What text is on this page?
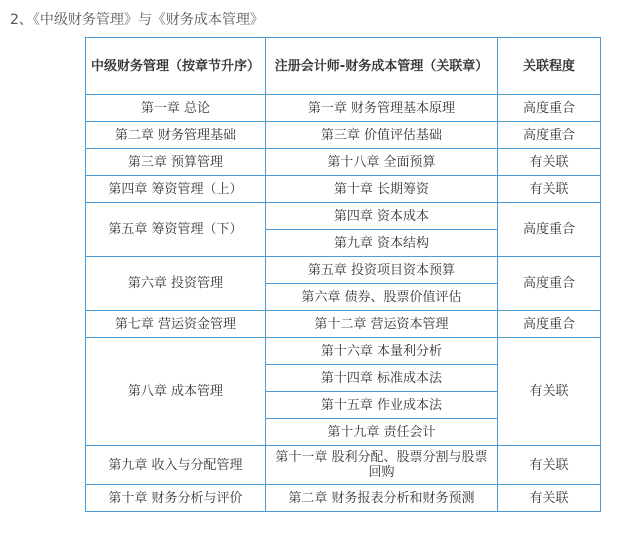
2、《中级财务管理》与《财务成本管理》
中级财务管理（按章节升序）	注册会计师-财务成本管理（关联章）	关联程度
第一章 总论	第一章 财务管理基本原理	高度重合
第二章 财务管理基础	第三章 价值评估基础	高度重合
第三章 预算管理	第十八章 全面预算	有关联
第四章 筹资管理（上）	第十章 长期筹资	有关联
第五章 筹资管理（下）	第四章 资本成本	高度重合
	第九章 资本结构	
第六章 投资管理	第五章 投资项目资本预算	高度重合
	第六章 债券、股票价值评估	
第七章 营运资金管理	第十二章 营运资本管理	高度重合
第八章 成本管理	第十六章 本量利分析	有关联
	第十四章 标准成本法	
	第十五章 作业成本法	
	第十九章 责任会计	
第九章 收入与分配管理	第十一章 股利分配、股票分割与股票回购	有关联
第十章 财务分析与评价	第二章 财务报表分析和财务预测	有关联
